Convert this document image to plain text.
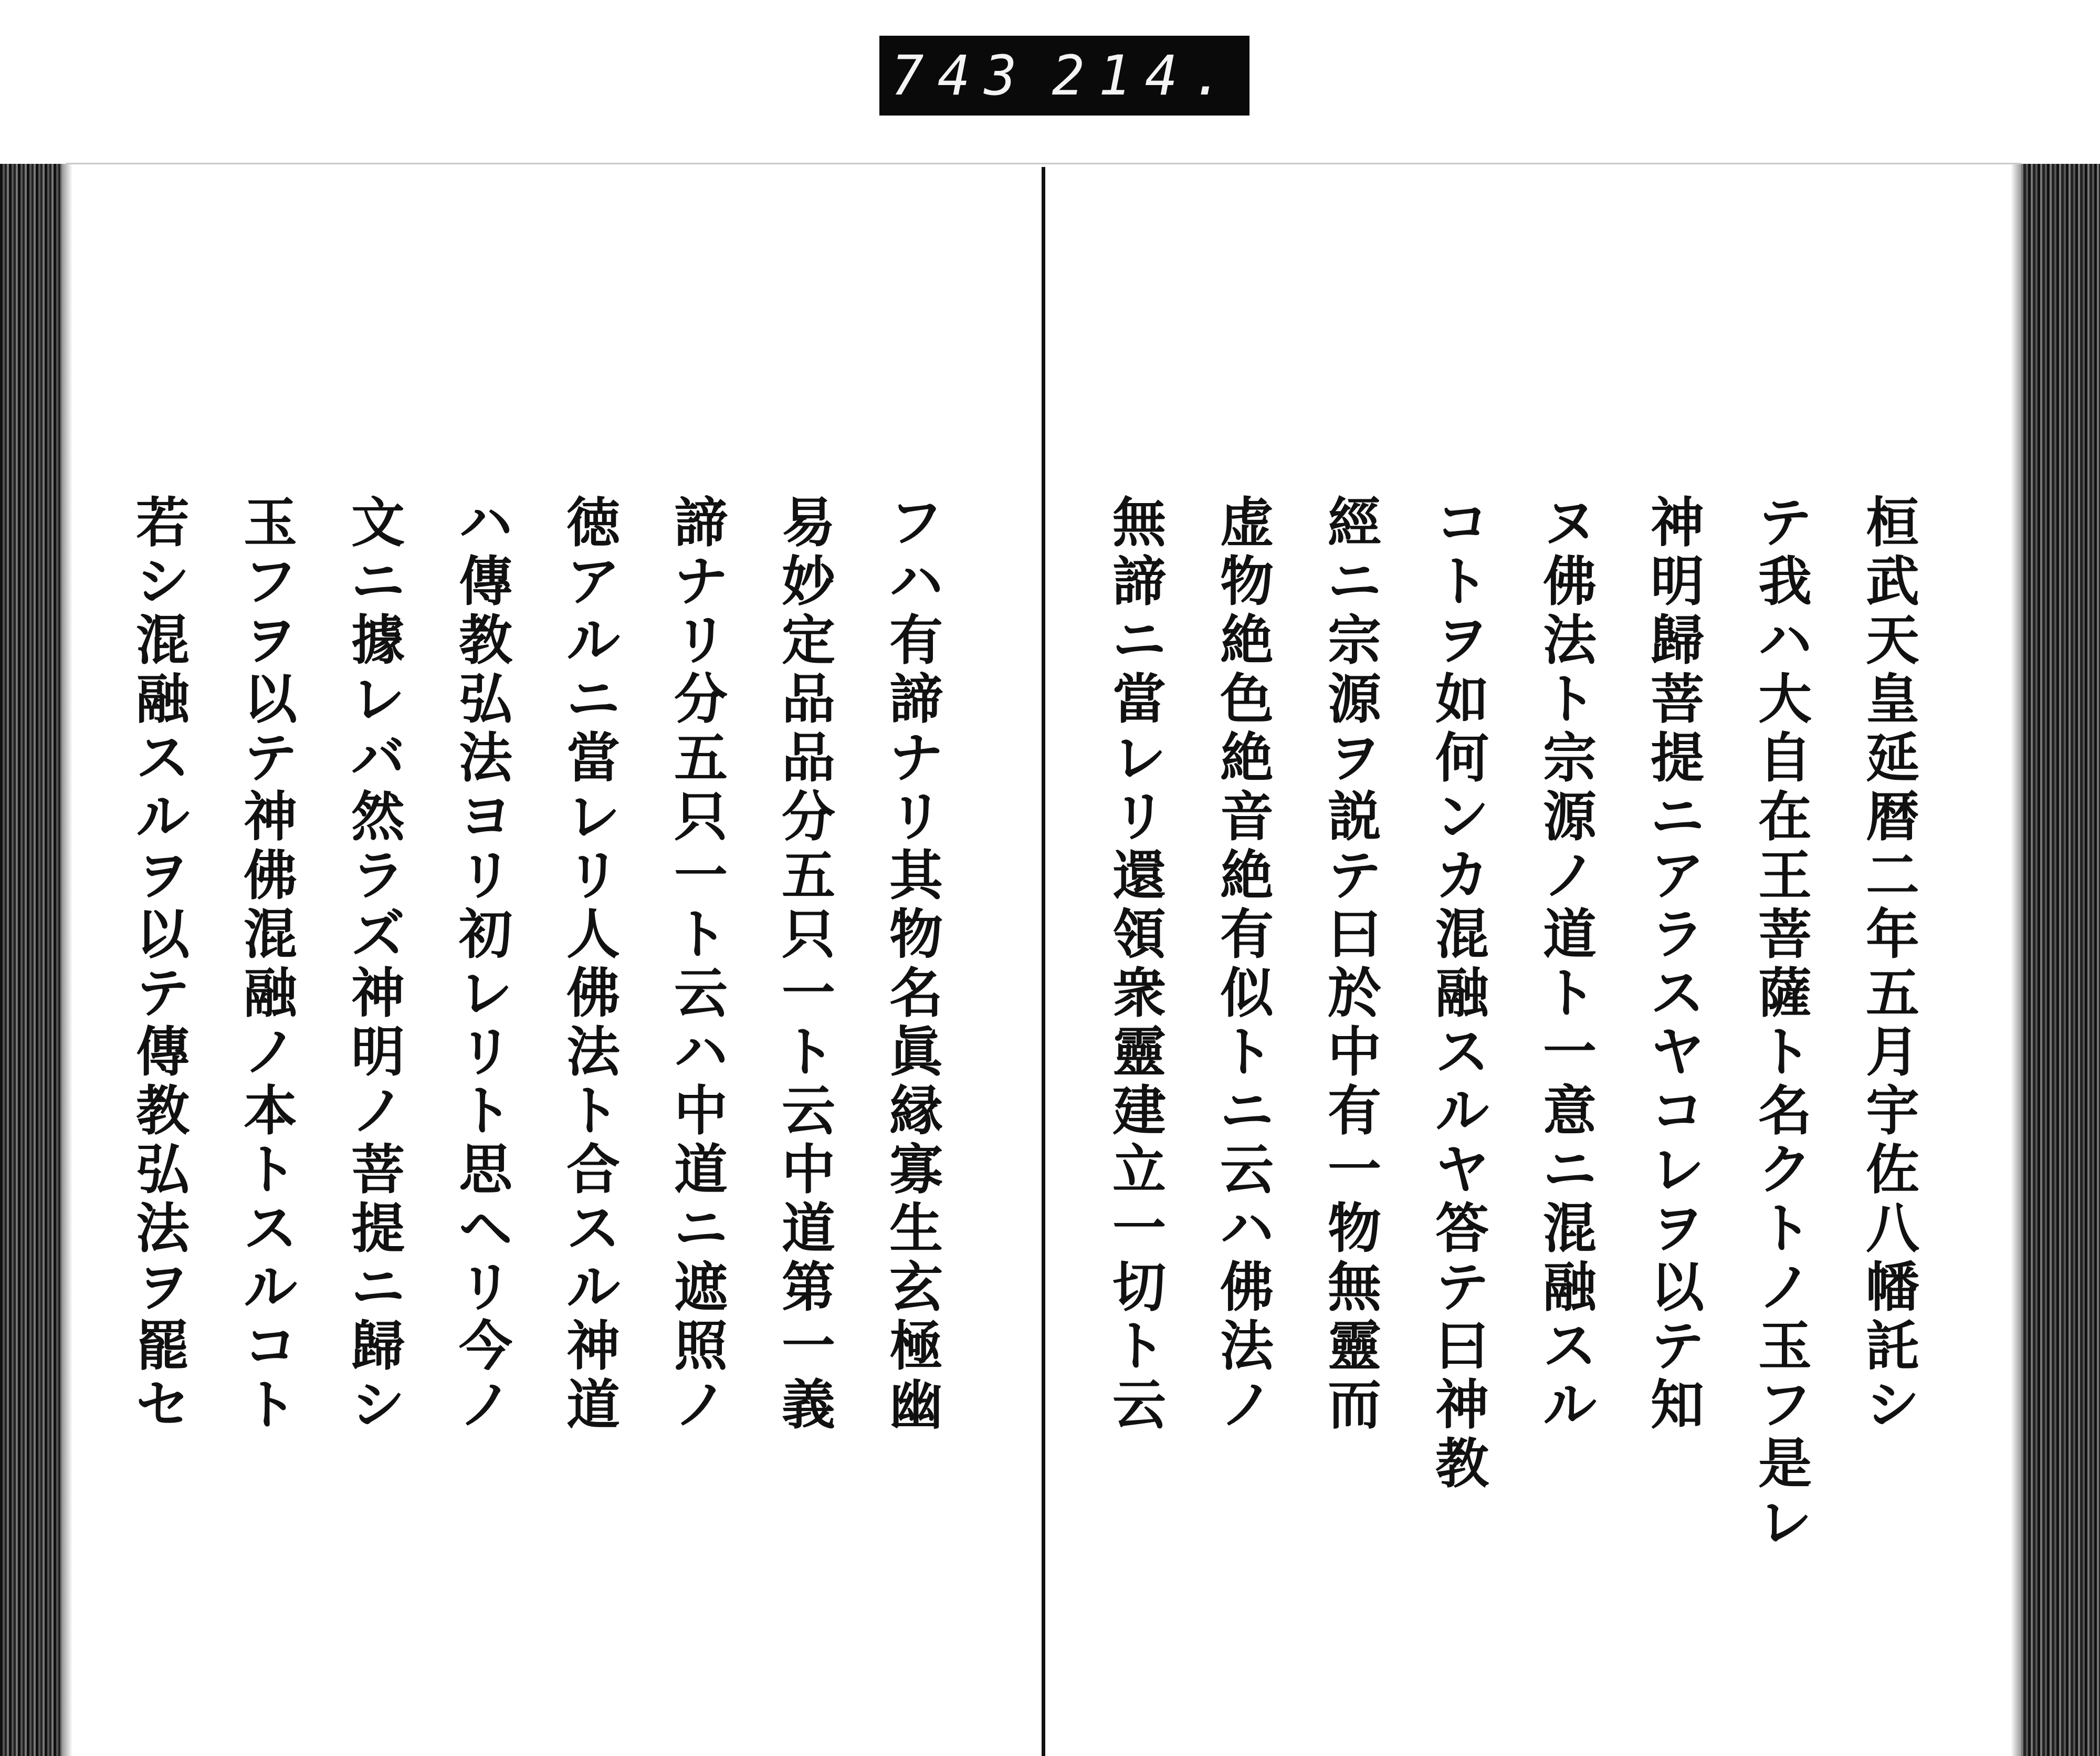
743 214.
桓
武
天
皇
延
暦
二
年
五
月
宇
佐
八
幡
託
シ
テ
我
ハ
大
自
在
王
菩
薩
ト
名
ク
ト
ノ
玉
フ
是
レ
神
明
歸
菩
提
ニ
ア
ラ
ス
ヤ
コ
レ
ヲ
以
テ
知
ヌ
佛
法
ト
宗
源
ノ
道
ト
一
意
ニ
混
融
ス
ル
コ
ト
ヲ
如
何
ン
カ
混
融
ス
ル
ヤ
答
テ
曰
神
教
經
ニ
宗
源
ヲ
説
テ
曰
於
中
有
一
物
無
靈
而
虚
物
絶
色
絶
音
絶
有
似
ト
ニ
云
ハ
佛
法
ノ
無
諦
ニ
當
レ
リ
還
領
衆
靈
建
立
一
切
ト
云
フ
ハ
有
諦
ナ
リ
其
物
名
眞
縁
寡
生
玄
極
幽
易
妙
定
品
品
分
五
只
一
ト
云
中
道
第
一
義
諦
ナ
リ
分
五
只
一
ト
云
ハ
中
道
ニ
遮
照
ノ
徳
ア
ル
ニ
當
レ
リ
人
佛
法
ト
合
ス
ル
神
道
ハ
傳
教
弘
法
ヨ
リ
初
レ
リ
ト
思
ヘ
リ
今
ノ
文
ニ
據
レ
バ
然
ラ
ズ
神
明
ノ
菩
提
ニ
歸
シ
玉
フ
ヲ
以
テ
神
佛
混
融
ノ
本
ト
ス
ル
コ
ト
若
シ
混
融
ス
ル
ヲ
以
テ
傳
教
弘
法
ヲ
罷
セ
